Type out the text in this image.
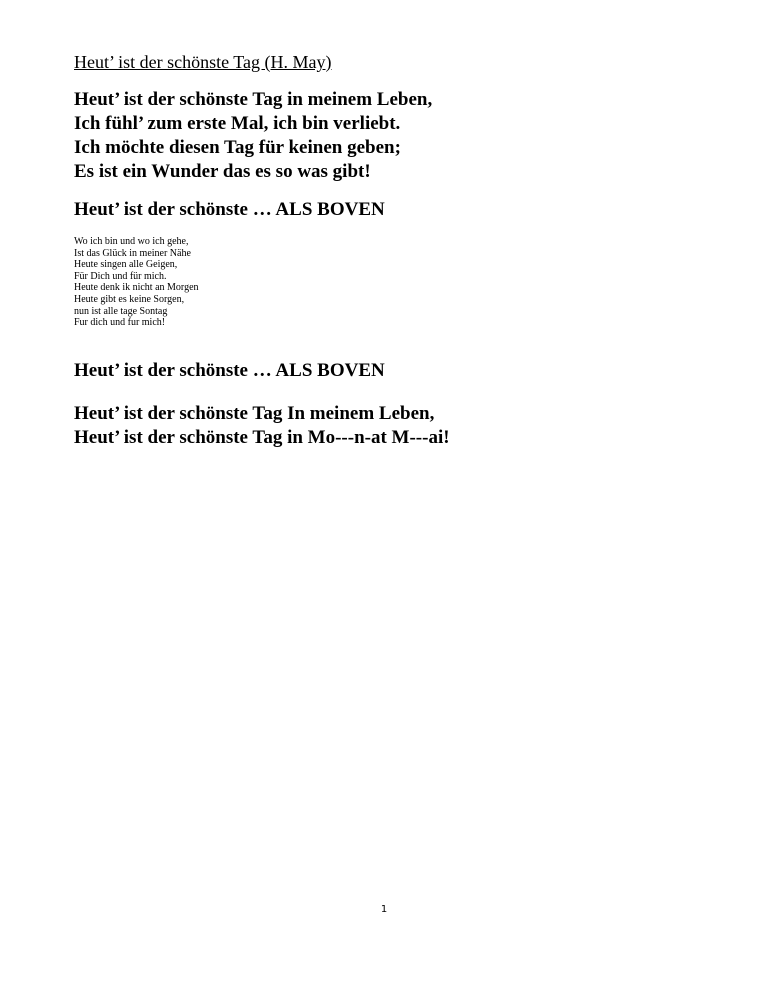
Heut’ ist der schönste Tag (H. May)
Heut’ ist der schönste Tag in meinem Leben,
Ich fühl’ zum erste Mal, ich bin verliebt.
Ich möchte diesen Tag für keinen geben;
Es ist ein Wunder das es so was gibt!
Heut’ ist der schönste … ALS BOVEN
Wo ich bin und wo ich gehe,
Ist das Glück in meiner Nähe
Heute singen alle Geigen,
Für Dich und für mich.
Heute denk ik nicht an Morgen
Heute gibt es keine Sorgen,
nun ist alle tage Sontag
Fur dich und fur mich!
Heut’ ist der schönste … ALS BOVEN
Heut’ ist der schönste Tag In meinem Leben,
Heut’ ist der schönste Tag in Mo---n-at M---ai!
1
